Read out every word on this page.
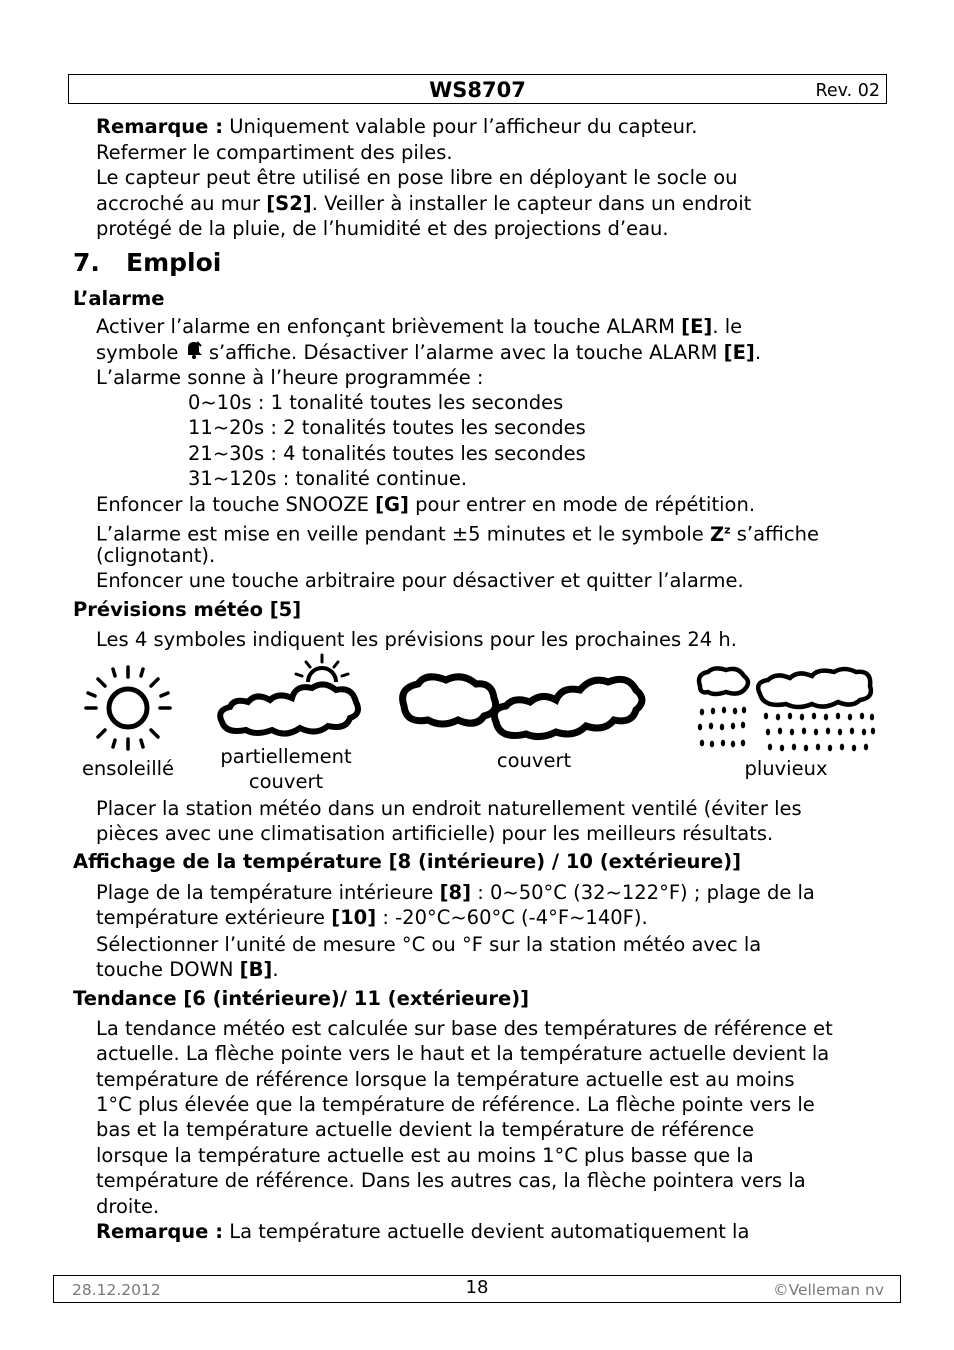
WS8707	Rev. 02
Remarque : Uniquement valable pour l’afficheur du capteur.
Refermer le compartiment des piles.
Le capteur peut être utilisé en pose libre en déployant le socle ou
accroché au mur [S2]. Veiller à installer le capteur dans un endroit
protégé de la pluie, de l’humidité et des projections d’eau.
7.   Emploi
L’alarme
Activer l’alarme en enfonçant brièvement la touche ALARM [E]. le
symbole  s’affiche. Désactiver l’alarme avec la touche ALARM [E].
L’alarme sonne à l’heure programmée :
0~10s : 1 tonalité toutes les secondes
11~20s : 2 tonalités toutes les secondes
21~30s : 4 tonalités toutes les secondes
31~120s : tonalité continue.
Enfoncer la touche SNOOZE [G] pour entrer en mode de répétition.
L’alarme est mise en veille pendant ±5 minutes et le symbole $Z^z$ s’affiche
(clignotant).
Enfoncer une touche arbitraire pour désactiver et quitter l’alarme.
Prévisions météo [5]
Les 4 symboles indiquent les prévisions pour les prochaines 24 h.
ensoleillé
partiellement
couvert
couvert	pluvieux
Placer la station météo dans un endroit naturellement ventilé (éviter les
pièces avec une climatisation artificielle) pour les meilleurs résultats.
Affichage de la température [8 (intérieure) / 10 (extérieure)]
Plage de la température intérieure [8] : 0~50°C (32~122°F) ; plage de la
température extérieure [10] : -20°C~60°C (-4°F~140F).
Sélectionner l’unité de mesure °C ou °F sur la station météo avec la
touche DOWN [B].
Tendance [6 (intérieure)/ 11 (extérieure)]
La tendance météo est calculée sur base des températures de référence et
actuelle. La flèche pointe vers le haut et la température actuelle devient la
température de référence lorsque la température actuelle est au moins
1°C plus élevée que la température de référence. La flèche pointe vers le
bas et la température actuelle devient la température de référence
lorsque la température actuelle est au moins 1°C plus basse que la
température de référence. Dans les autres cas, la flèche pointera vers la
droite.
Remarque : La température actuelle devient automatiquement la
28.12.2012	18	©Velleman nv
